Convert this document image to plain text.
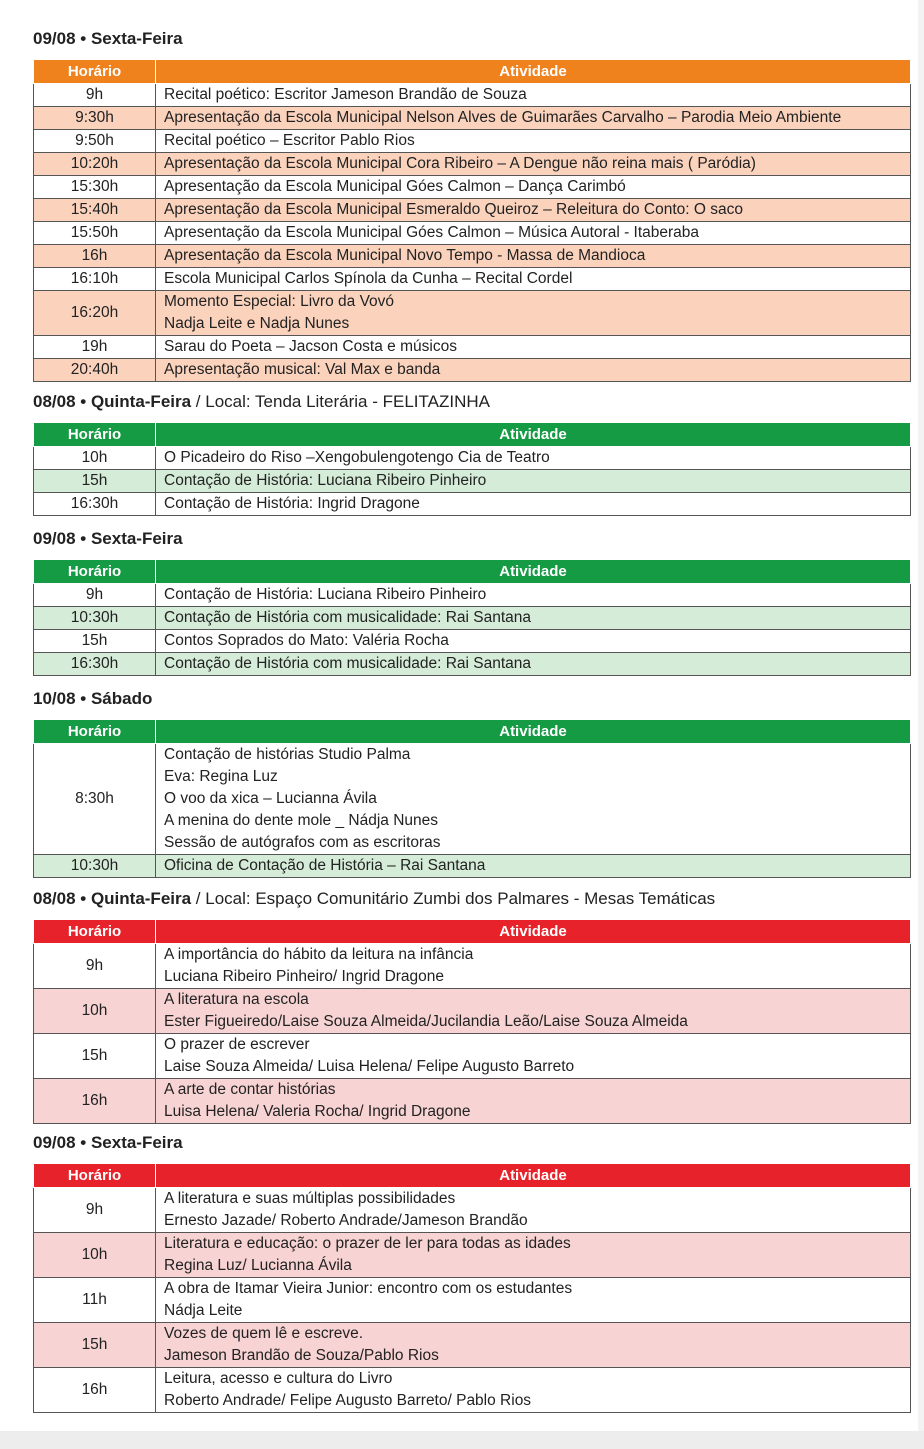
09/08 • Sexta-Feira
Horário	Atividade
9h	Recital poético: Escritor Jameson Brandão de Souza

9:30h	Apresentação da Escola Municipal Nelson Alves de Guimarães Carvalho – Parodia Meio Ambiente

9:50h	Recital poético – Escritor Pablo Rios

10:20h	Apresentação da Escola Municipal Cora Ribeiro – A Dengue não reina mais ( Paródia)

15:30h	Apresentação da Escola Municipal Góes Calmon – Dança Carimbó

15:40h	Apresentação da Escola Municipal Esmeraldo Queiroz – Releitura do Conto: O saco

15:50h	Apresentação da Escola Municipal Góes Calmon – Música Autoral - Itaberaba

16h	Apresentação da Escola Municipal Novo Tempo - Massa de Mandioca

16:10h	Escola Municipal Carlos Spínola da Cunha – Recital Cordel

16:20h	Momento Especial: Livro da Vovó
Nadja Leite e Nadja Nunes

19h	Sarau do Poeta – Jacson Costa e músicos

20:40h	Apresentação musical: Val Max e banda
08/08 • Quinta-Feira / Local: Tenda Literária - FELITAZINHA
Horário	Atividade
10h	O Picadeiro do Riso –Xengobulengotengo Cia de Teatro

15h	Contação de História: Luciana Ribeiro Pinheiro

16:30h	Contação de História: Ingrid Dragone
09/08 • Sexta-Feira
Horário	Atividade
9h	Contação de História: Luciana Ribeiro Pinheiro

10:30h	Contação de História com musicalidade: Rai Santana

15h	Contos Soprados do Mato: Valéria Rocha

16:30h	Contação de História com musicalidade: Rai Santana
10/08 • Sábado
Horário	Atividade
8:30h	Contação de histórias Studio Palma
Eva: Regina Luz
O voo da xica – Lucianna Ávila
A menina do dente mole _ Nádja Nunes
Sessão de autógrafos com as escritoras

10:30h	Oficina de Contação de História – Rai Santana
08/08 • Quinta-Feira / Local: Espaço Comunitário Zumbi dos Palmares - Mesas Temáticas
Horário	Atividade
9h	A importância do hábito da leitura na infância
Luciana Ribeiro Pinheiro/ Ingrid Dragone

10h	A literatura na escola
Ester Figueiredo/Laise Souza Almeida/Jucilandia Leão/Laise Souza Almeida

15h	O prazer de escrever
Laise Souza Almeida/ Luisa Helena/ Felipe Augusto Barreto

16h	A arte de contar histórias
Luisa Helena/ Valeria Rocha/ Ingrid Dragone
09/08 • Sexta-Feira
Horário	Atividade
9h	A literatura e suas múltiplas possibilidades
Ernesto Jazade/ Roberto Andrade/Jameson Brandão

10h	Literatura e educação: o prazer de ler para todas as idades
Regina Luz/ Lucianna Ávila

11h	A obra de Itamar Vieira Junior: encontro com os estudantes
Nádja Leite

15h	Vozes de quem lê e escreve.
Jameson Brandão de Souza/Pablo Rios

16h	Leitura, acesso e cultura do Livro
Roberto Andrade/ Felipe Augusto Barreto/ Pablo Rios
